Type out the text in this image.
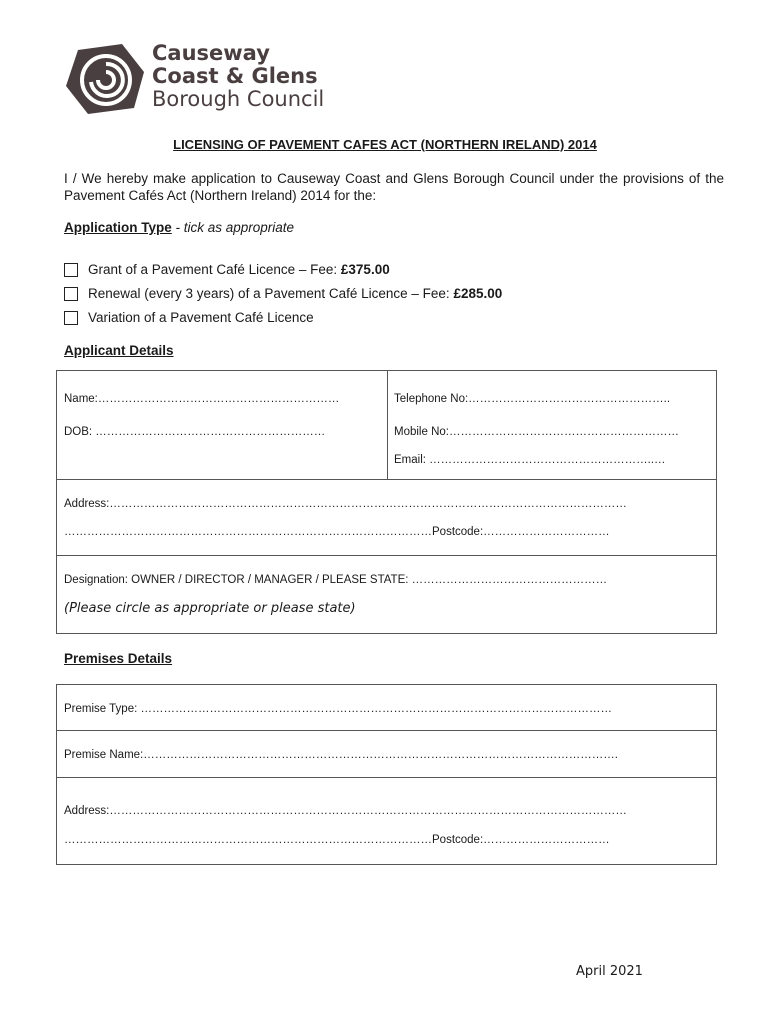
Causeway
Coast & Glens
Borough Council
LICENSING OF PAVEMENT CAFES ACT (NORTHERN IRELAND) 2014
I / We hereby make application to Causeway Coast and Glens Borough Council under the provisions of the Pavement Cafés Act (Northern Ireland) 2014 for the:
Application Type - tick as appropriate
Grant of a Pavement Café Licence – Fee:
£375.00
Renewal (every 3 years) of a Pavement Café Licence – Fee:
£285.00
Variation of a Pavement Café Licence
Applicant Details
Name:………………………………………………………
DOB: ……………………………………………………
Telephone No:……………………………………………..
Mobile No:……………………………………………………
Email: …………………………………………………..…
Address:………………………………………………………………………………………………………………………
……………………………………………………………………………………Postcode:……………………………
Designation: OWNER / DIRECTOR / MANAGER / PLEASE STATE: ……………………………………………
(Please circle as appropriate or please state)
Premises Details
Premise Type: ……………………………………………………………………………………………………………
Premise Name:…………………………………………………………………………………………………………….
Address:………………………………………………………………………………………………………………………
……………………………………………………………………………………Postcode:……………………………
April 2021
